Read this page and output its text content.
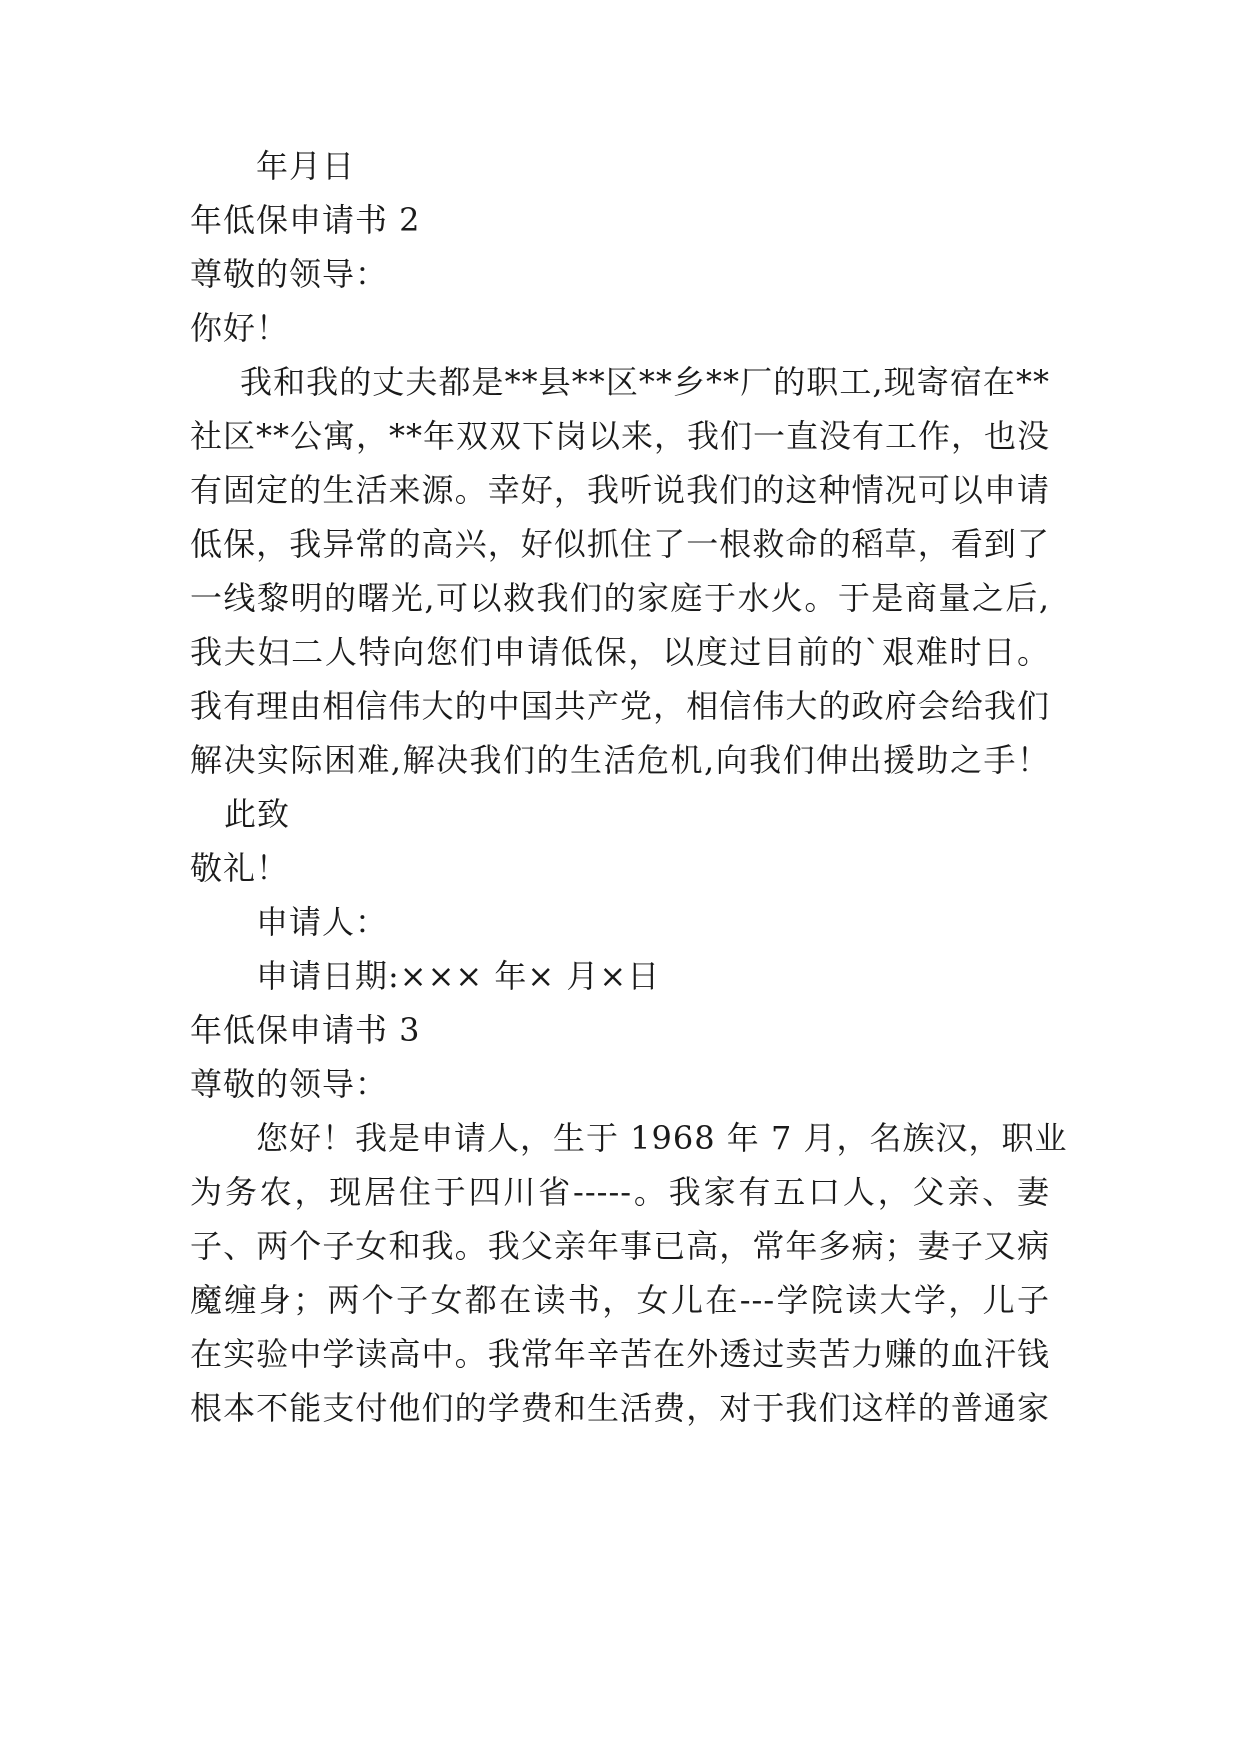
年月日
年低保申请书 2
尊敬的领导：
你好！
我和我的丈夫都是**县**区**乡**厂的职工,现寄宿在**
社区**公寓，**年双双下岗以来，我们一直没有工作，也没
有固定的生活来源。幸好，我听说我们的这种情况可以申请
低保，我异常的高兴，好似抓住了一根救命的稻草，看到了
一线黎明的曙光,可以救我们的家庭于水火。于是商量之后,
我夫妇二人特向您们申请低保，以度过目前的`艰难时日。
我有理由相信伟大的中国共产党，相信伟大的政府会给我们
解决实际困难,解决我们的生活危机,向我们伸出援助之手！
此致
敬礼！
申请人：
申请日期:××× 年× 月×日
年低保申请书 3
尊敬的领导：
您好！我是申请人，生于 1968 年 7 月，名族汉，职业
为务农，现居住于四川省-----。我家有五口人，父亲、妻
子、两个子女和我。我父亲年事已高，常年多病；妻子又病
魔缠身；两个子女都在读书，女儿在---学院读大学，儿子
在实验中学读高中。我常年辛苦在外透过卖苦力赚的血汗钱
根本不能支付他们的学费和生活费，对于我们这样的普通家
